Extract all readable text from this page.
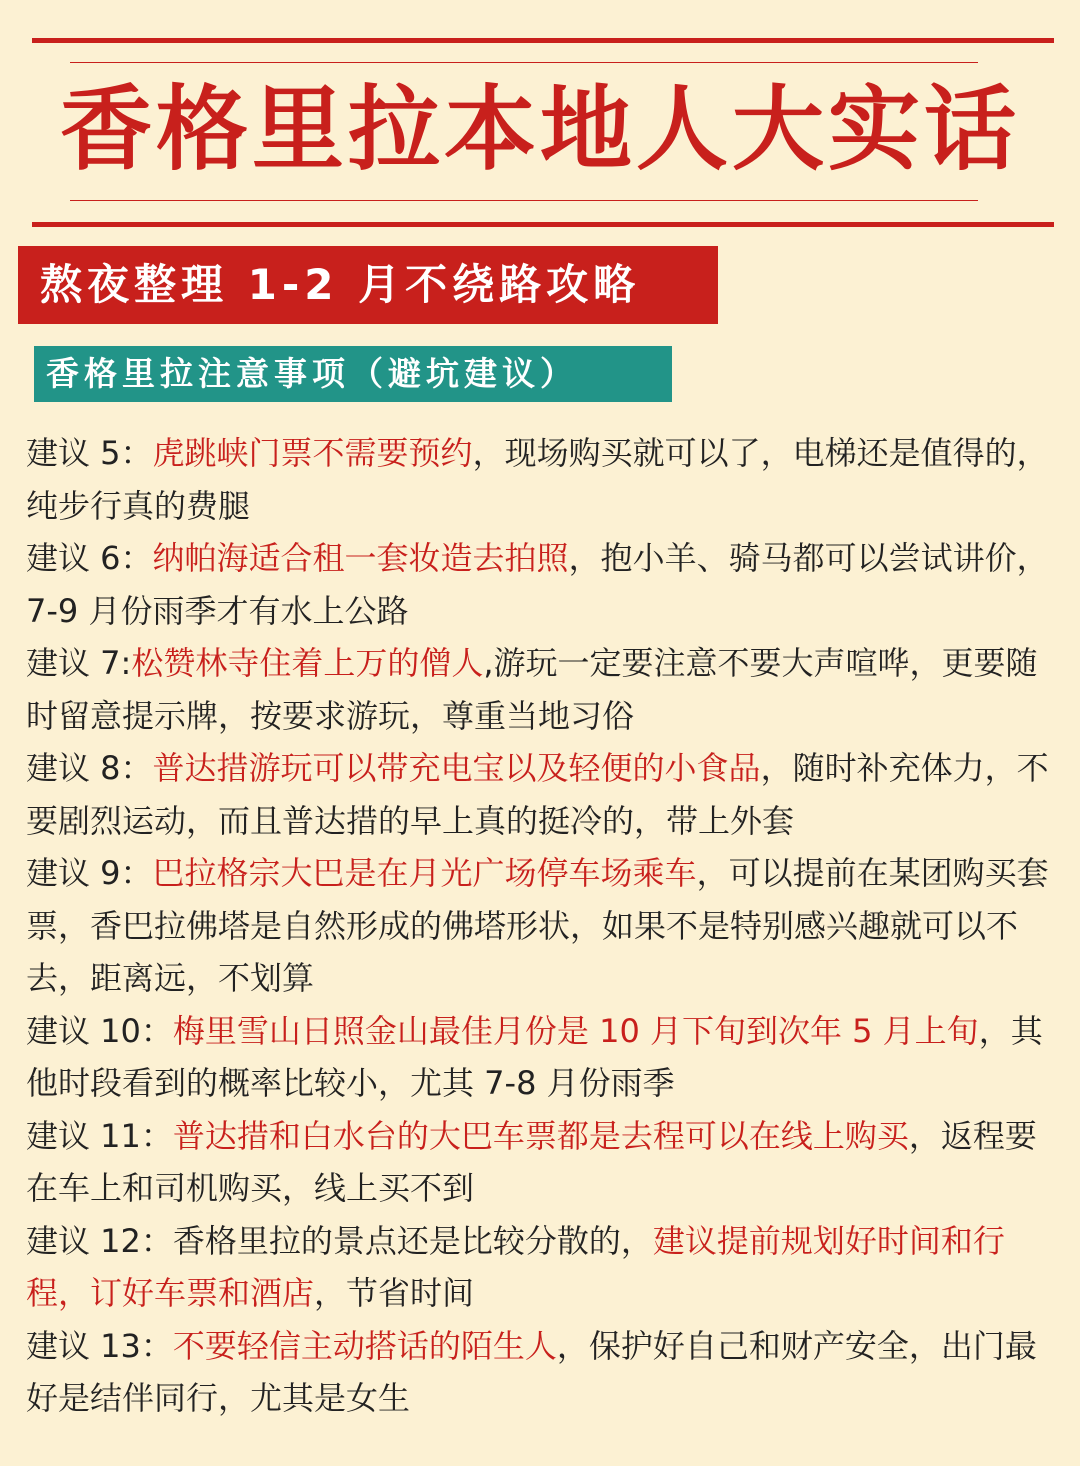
香格里拉本地人大实话
熬夜整理 1-2 月不绕路攻略
香格里拉注意事项（避坑建议）

建议 5：虎跳峡门票不需要预约，现场购买就可以了，电梯还是值得的，纯步行真的费腿

建议 6：纳帕海适合租一套妆造去拍照，抱小羊、骑马都可以尝试讲价，7-9 月份雨季才有水上公路

建议 7:松赞林寺住着上万的僧人,游玩一定要注意不要大声喧哗，更要随时留意提示牌，按要求游玩，尊重当地习俗

建议 8：普达措游玩可以带充电宝以及轻便的小食品，随时补充体力，不要剧烈运动，而且普达措的早上真的挺冷的，带上外套

建议 9：巴拉格宗大巴是在月光广场停车场乘车，可以提前在某团购买套票，香巴拉佛塔是自然形成的佛塔形状，如果不是特别感兴趣就可以不去，距离远，不划算

建议 10：梅里雪山日照金山最佳月份是 10 月下旬到次年 5 月上旬，其他时段看到的概率比较小，尤其 7-8 月份雨季

建议 11：普达措和白水台的大巴车票都是去程可以在线上购买，返程要在车上和司机购买，线上买不到

建议 12：香格里拉的景点还是比较分散的，建议提前规划好时间和行程，订好车票和酒店，节省时间

建议 13：不要轻信主动搭话的陌生人，保护好自己和财产安全，出门最好是结伴同行，尤其是女生
